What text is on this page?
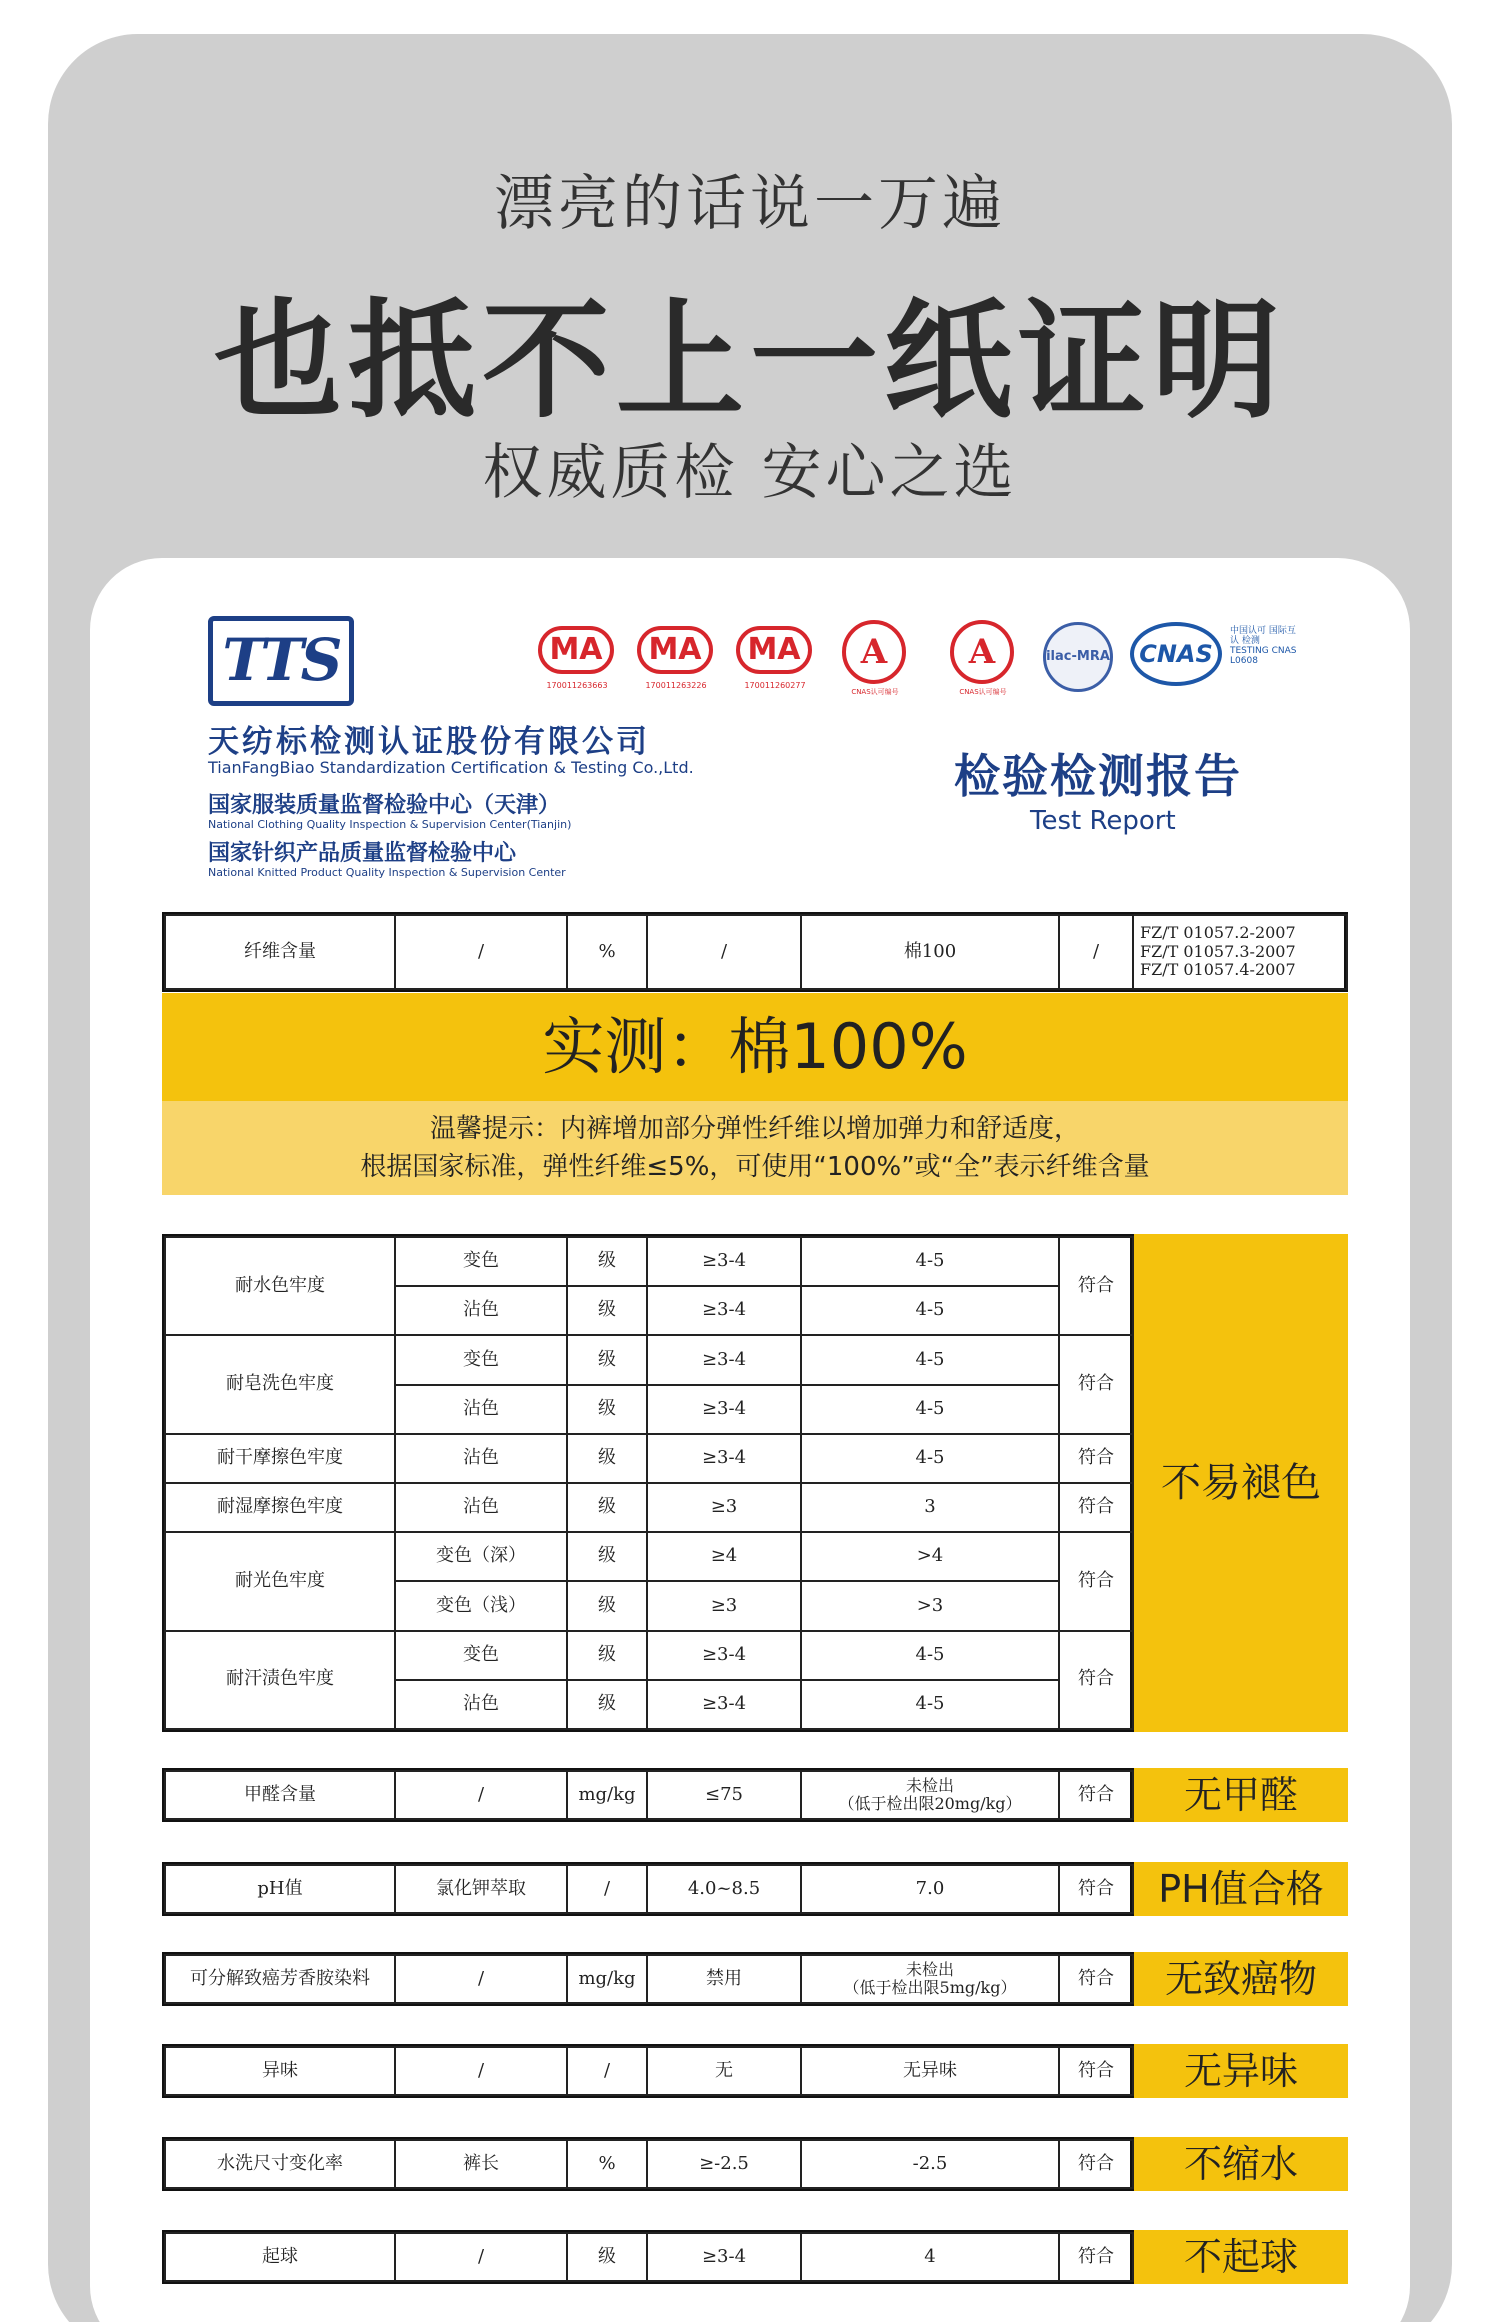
漂亮的话说一万遍
也抵不上一纸证明
权威质检 安心之选
TTS
天纺标检测认证股份有限公司
TianFangBiao Standardization Certification & Testing Co.,Ltd.
国家服装质量监督检验中心（天津）
National Clothing Quality Inspection & Supervision Center(Tianjin)
国家针织产品质量监督检验中心
National Knitted Product Quality Inspection & Supervision Center
MA
170011263663
MA
170011263226
MA
170011260277
A
CNAS认可编号
A
CNAS认可编号
ilac-MRA	CNAS
中国认可 国际互认 检测 TESTING CNAS L0608
检验检测报告
Test Report
纤维含量	/	%	/	棉100	/	
FZ/T 01057.2-2007
FZ/T 01057.3-2007
FZ/T 01057.4-2007
实测：棉100%
温馨提示：内裤增加部分弹性纤维以增加弹力和舒适度，
根据国家标准，弹性纤维≤5%，可使用“100%”或“全”表示纤维含量
耐水色牢度	变色	级	≥3-4	4-5	符合
	沾色	级	≥3-4	4-5	
耐皂洗色牢度	变色	级	≥3-4	4-5	符合
	沾色	级	≥3-4	4-5	
耐干摩擦色牢度	沾色	级	≥3-4	4-5	符合
耐湿摩擦色牢度	沾色	级	≥3	3	符合
耐光色牢度	变色（深）	级	≥4	>4	符合
	变色（浅）	级	≥3	>3	
耐汗渍色牢度	变色	级	≥3-4	4-5	符合
	沾色	级	≥3-4	4-5	
不易褪色
甲醛含量	/	mg/kg	≤75	未检出
（低于检出限20mg/kg）	符合	无甲醛
pH值	氯化钾萃取	/	4.0~8.5	7.0	符合	PH值合格
可分解致癌芳香胺染料	/	mg/kg	禁用	未检出
（低于检出限5mg/kg）	符合	无致癌物
异味	/	/	无	无异味	符合	无异味
水洗尺寸变化率	裤长	%	≥-2.5	-2.5	符合	不缩水
起球	/	级	≥3-4	4	符合	不起球
